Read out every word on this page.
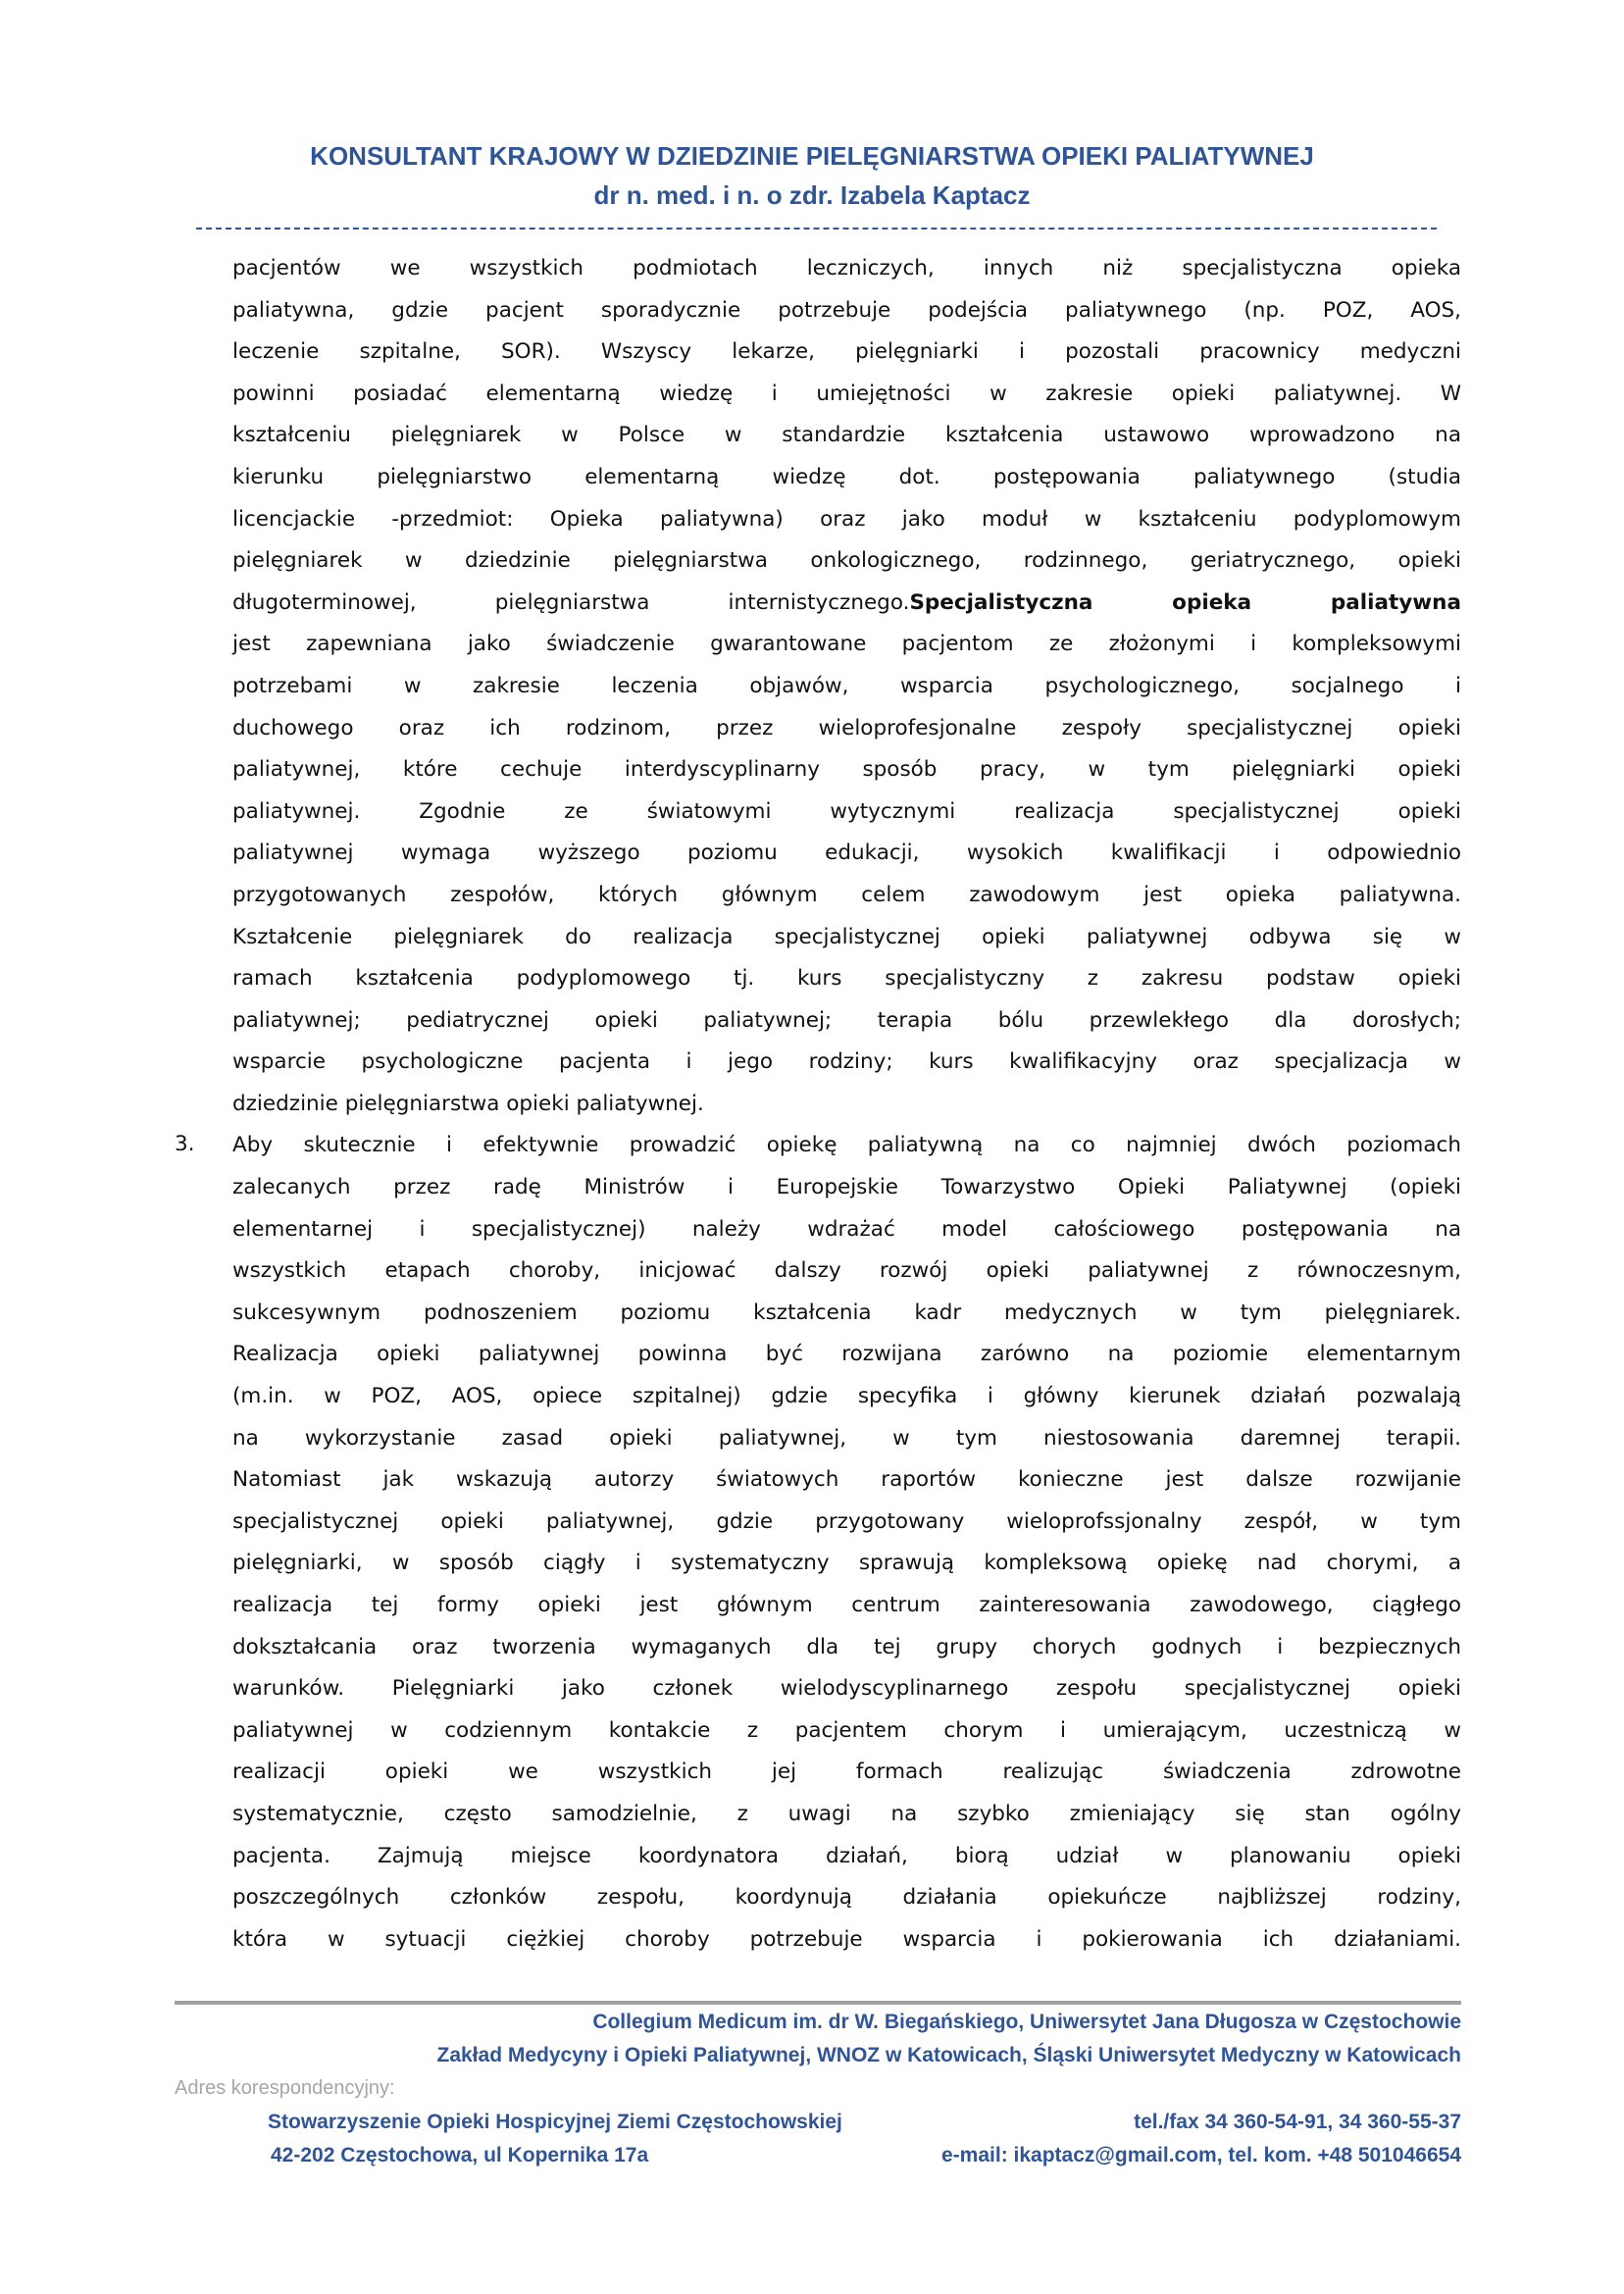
KONSULTANT KRAJOWY W DZIEDZINIE PIELĘGNIARSTWA OPIEKI PALIATYWNEJ
dr n. med. i n. o zdr. Izabela Kaptacz
3.
pacjentów we wszystkich podmiotach leczniczych, innych niż specjalistyczna opieka
paliatywna, gdzie pacjent sporadycznie potrzebuje podejścia paliatywnego (np. POZ, AOS,
leczenie szpitalne, SOR). Wszyscy lekarze, pielęgniarki i pozostali pracownicy medyczni
powinni posiadać elementarną wiedzę i umiejętności w zakresie opieki paliatywnej. W
kształceniu pielęgniarek w Polsce w standardzie kształcenia ustawowo wprowadzono na
kierunku pielęgniarstwo elementarną wiedzę dot. postępowania paliatywnego (studia
licencjackie -przedmiot: Opieka paliatywna) oraz jako moduł w kształceniu podyplomowym
pielęgniarek w dziedzinie pielęgniarstwa onkologicznego, rodzinnego, geriatrycznego, opieki
długoterminowej, pielęgniarstwa internistycznego.Specjalistyczna opieka paliatywna
jest zapewniana jako świadczenie gwarantowane pacjentom ze złożonymi i kompleksowymi
potrzebami w zakresie leczenia objawów, wsparcia psychologicznego, socjalnego i
duchowego oraz ich rodzinom, przez wieloprofesjonalne zespoły specjalistycznej opieki
paliatywnej, które cechuje interdyscyplinarny sposób pracy, w tym pielęgniarki opieki
paliatywnej. Zgodnie ze światowymi wytycznymi realizacja specjalistycznej opieki
paliatywnej wymaga wyższego poziomu edukacji, wysokich kwalifikacji i odpowiednio
przygotowanych zespołów, których głównym celem zawodowym jest opieka paliatywna.
Kształcenie pielęgniarek do realizacja specjalistycznej opieki paliatywnej odbywa się w
ramach kształcenia podyplomowego tj. kurs specjalistyczny z zakresu podstaw opieki
paliatywnej; pediatrycznej opieki paliatywnej; terapia bólu przewlekłego dla dorosłych;
wsparcie psychologiczne pacjenta i jego rodziny; kurs kwalifikacyjny oraz specjalizacja w
dziedzinie pielęgniarstwa opieki paliatywnej.
Aby skutecznie i efektywnie prowadzić opiekę paliatywną na co najmniej dwóch poziomach
zalecanych przez radę Ministrów i Europejskie Towarzystwo Opieki Paliatywnej (opieki
elementarnej i specjalistycznej) należy wdrażać model całościowego postępowania na
wszystkich etapach choroby, inicjować dalszy rozwój opieki paliatywnej z równoczesnym,
sukcesywnym podnoszeniem poziomu kształcenia kadr medycznych w tym pielęgniarek.
Realizacja opieki paliatywnej powinna być rozwijana zarówno na poziomie elementarnym
(m.in. w POZ, AOS, opiece szpitalnej) gdzie specyfika i główny kierunek działań pozwalają
na wykorzystanie zasad opieki paliatywnej, w tym niestosowania daremnej terapii.
Natomiast jak wskazują autorzy światowych raportów konieczne jest dalsze rozwijanie
specjalistycznej opieki paliatywnej, gdzie przygotowany wieloprofssjonalny zespół, w tym
pielęgniarki, w sposób ciągły i systematyczny sprawują kompleksową opiekę nad chorymi, a
realizacja tej formy opieki jest głównym centrum zainteresowania zawodowego, ciągłego
dokształcania oraz tworzenia wymaganych dla tej grupy chorych godnych i bezpiecznych
warunków. Pielęgniarki jako członek wielodyscyplinarnego zespołu specjalistycznej opieki
paliatywnej w codziennym kontakcie z pacjentem chorym i umierającym, uczestniczą w
realizacji opieki we wszystkich jej formach realizując świadczenia zdrowotne
systematycznie, często samodzielnie, z uwagi na szybko zmieniający się stan ogólny
pacjenta. Zajmują miejsce koordynatora działań, biorą udział w planowaniu opieki
poszczególnych członków zespołu, koordynują działania opiekuńcze najbliższej rodziny,
która w sytuacji ciężkiej choroby potrzebuje wsparcia i pokierowania ich działaniami.
Collegium Medicum im. dr W. Biegańskiego, Uniwersytet Jana Długosza w Częstochowie
Zakład Medycyny i Opieki Paliatywnej, WNOZ w Katowicach, Śląski Uniwersytet Medyczny w Katowicach
Adres korespondencyjny:
Stowarzyszenie Opieki Hospicyjnej Ziemi Częstochowskiej	tel./fax 34 360-54-91, 34 360-55-37
42-202 Częstochowa, ul Kopernika 17a	e-mail: ikaptacz@gmail.com, tel. kom. +48 501046654
